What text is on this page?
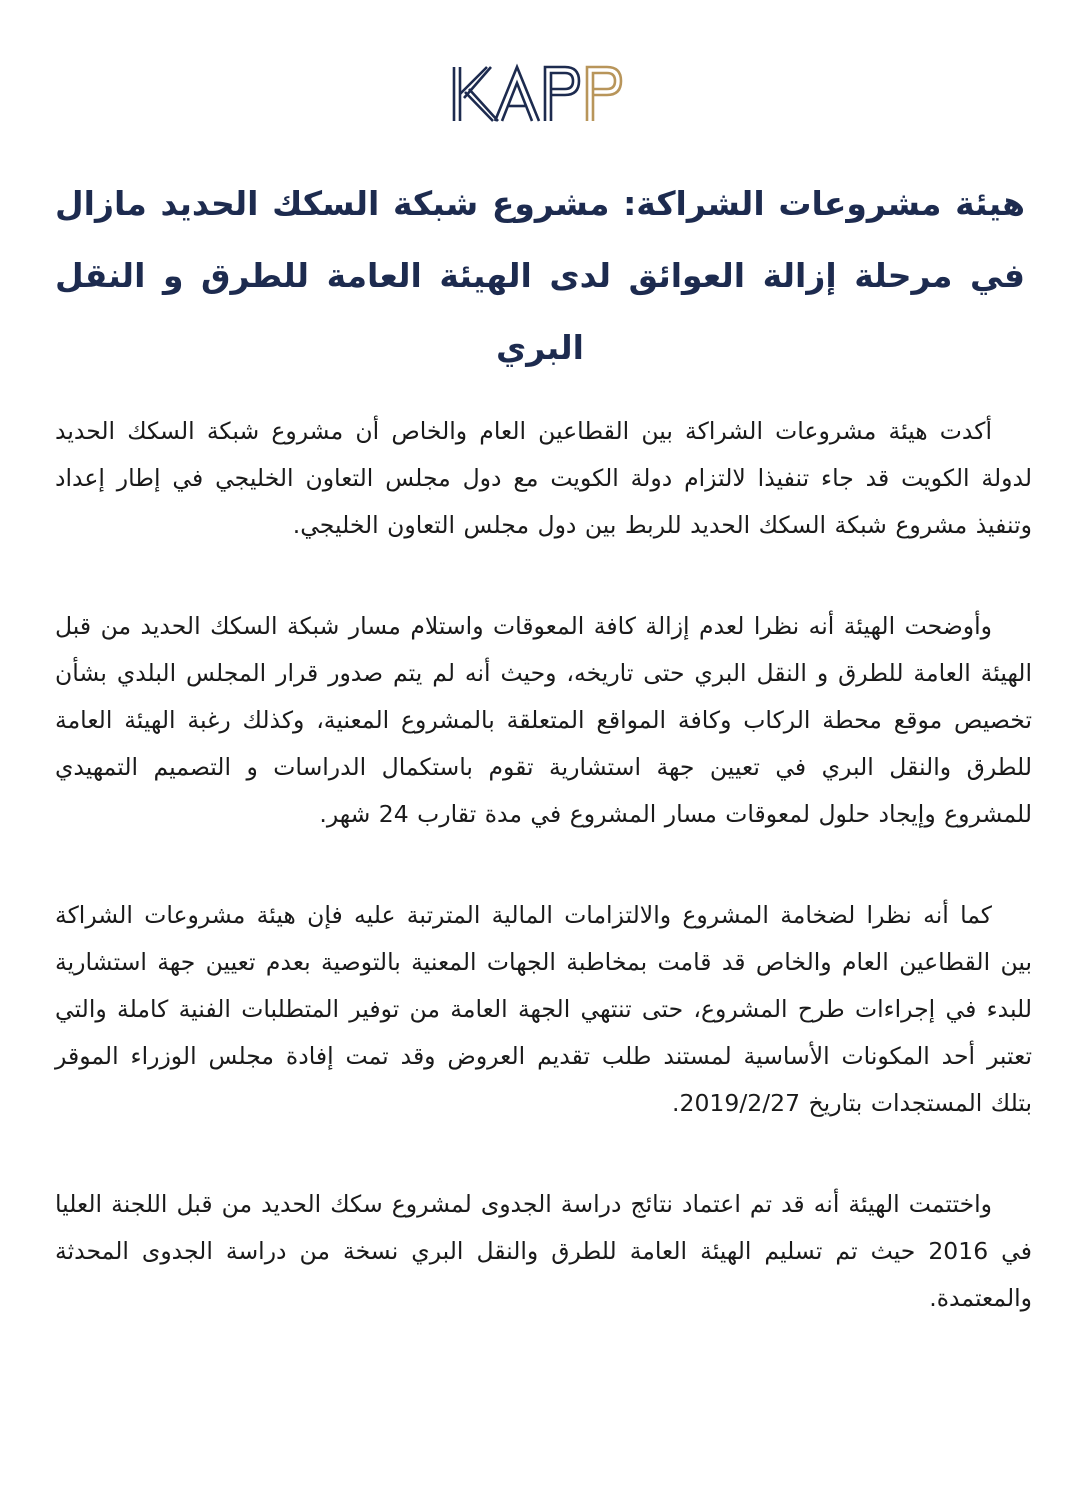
هيئة مشروعات الشراكة: مشروع شبكة السكك الحديد مازال في مرحلة إزالة العوائق لدى الهيئة العامة للطرق و النقل البري

أكدت هيئة مشروعات الشراكة بين القطاعين العام والخاص أن مشروع شبكة السكك الحديد لدولة الكويت قد جاء تنفيذا لالتزام دولة الكويت مع دول مجلس التعاون الخليجي في إطار إعداد وتنفيذ مشروع شبكة السكك الحديد للربط بين دول مجلس التعاون الخليجي.

وأوضحت الهيئة أنه نظرا لعدم إزالة كافة المعوقات واستلام مسار شبكة السكك الحديد من قبل الهيئة العامة للطرق و النقل البري حتى تاريخه، وحيث أنه لم يتم صدور قرار المجلس البلدي بشأن تخصيص موقع محطة الركاب وكافة المواقع المتعلقة بالمشروع المعنية، وكذلك رغبة الهيئة العامة للطرق والنقل البري في تعيين جهة استشارية تقوم باستكمال الدراسات و التصميم التمهيدي للمشروع وإيجاد حلول لمعوقات مسار المشروع في مدة تقارب 24 شهر.

كما أنه نظرا لضخامة المشروع والالتزامات المالية المترتبة عليه فإن هيئة مشروعات الشراكة بين القطاعين العام والخاص قد قامت بمخاطبة الجهات المعنية بالتوصية بعدم تعيين جهة استشارية للبدء في إجراءات طرح المشروع، حتى تنتهي الجهة العامة من توفير المتطلبات الفنية كاملة والتي تعتبر أحد المكونات الأساسية لمستند طلب تقديم العروض وقد تمت إفادة مجلس الوزراء الموقر بتلك المستجدات بتاريخ 2019/2/27.

واختتمت الهيئة أنه قد تم اعتماد نتائج دراسة الجدوى لمشروع سكك الحديد من قبل اللجنة العليا في 2016 حيث تم تسليم الهيئة العامة للطرق والنقل البري نسخة من دراسة الجدوى المحدثة والمعتمدة.
